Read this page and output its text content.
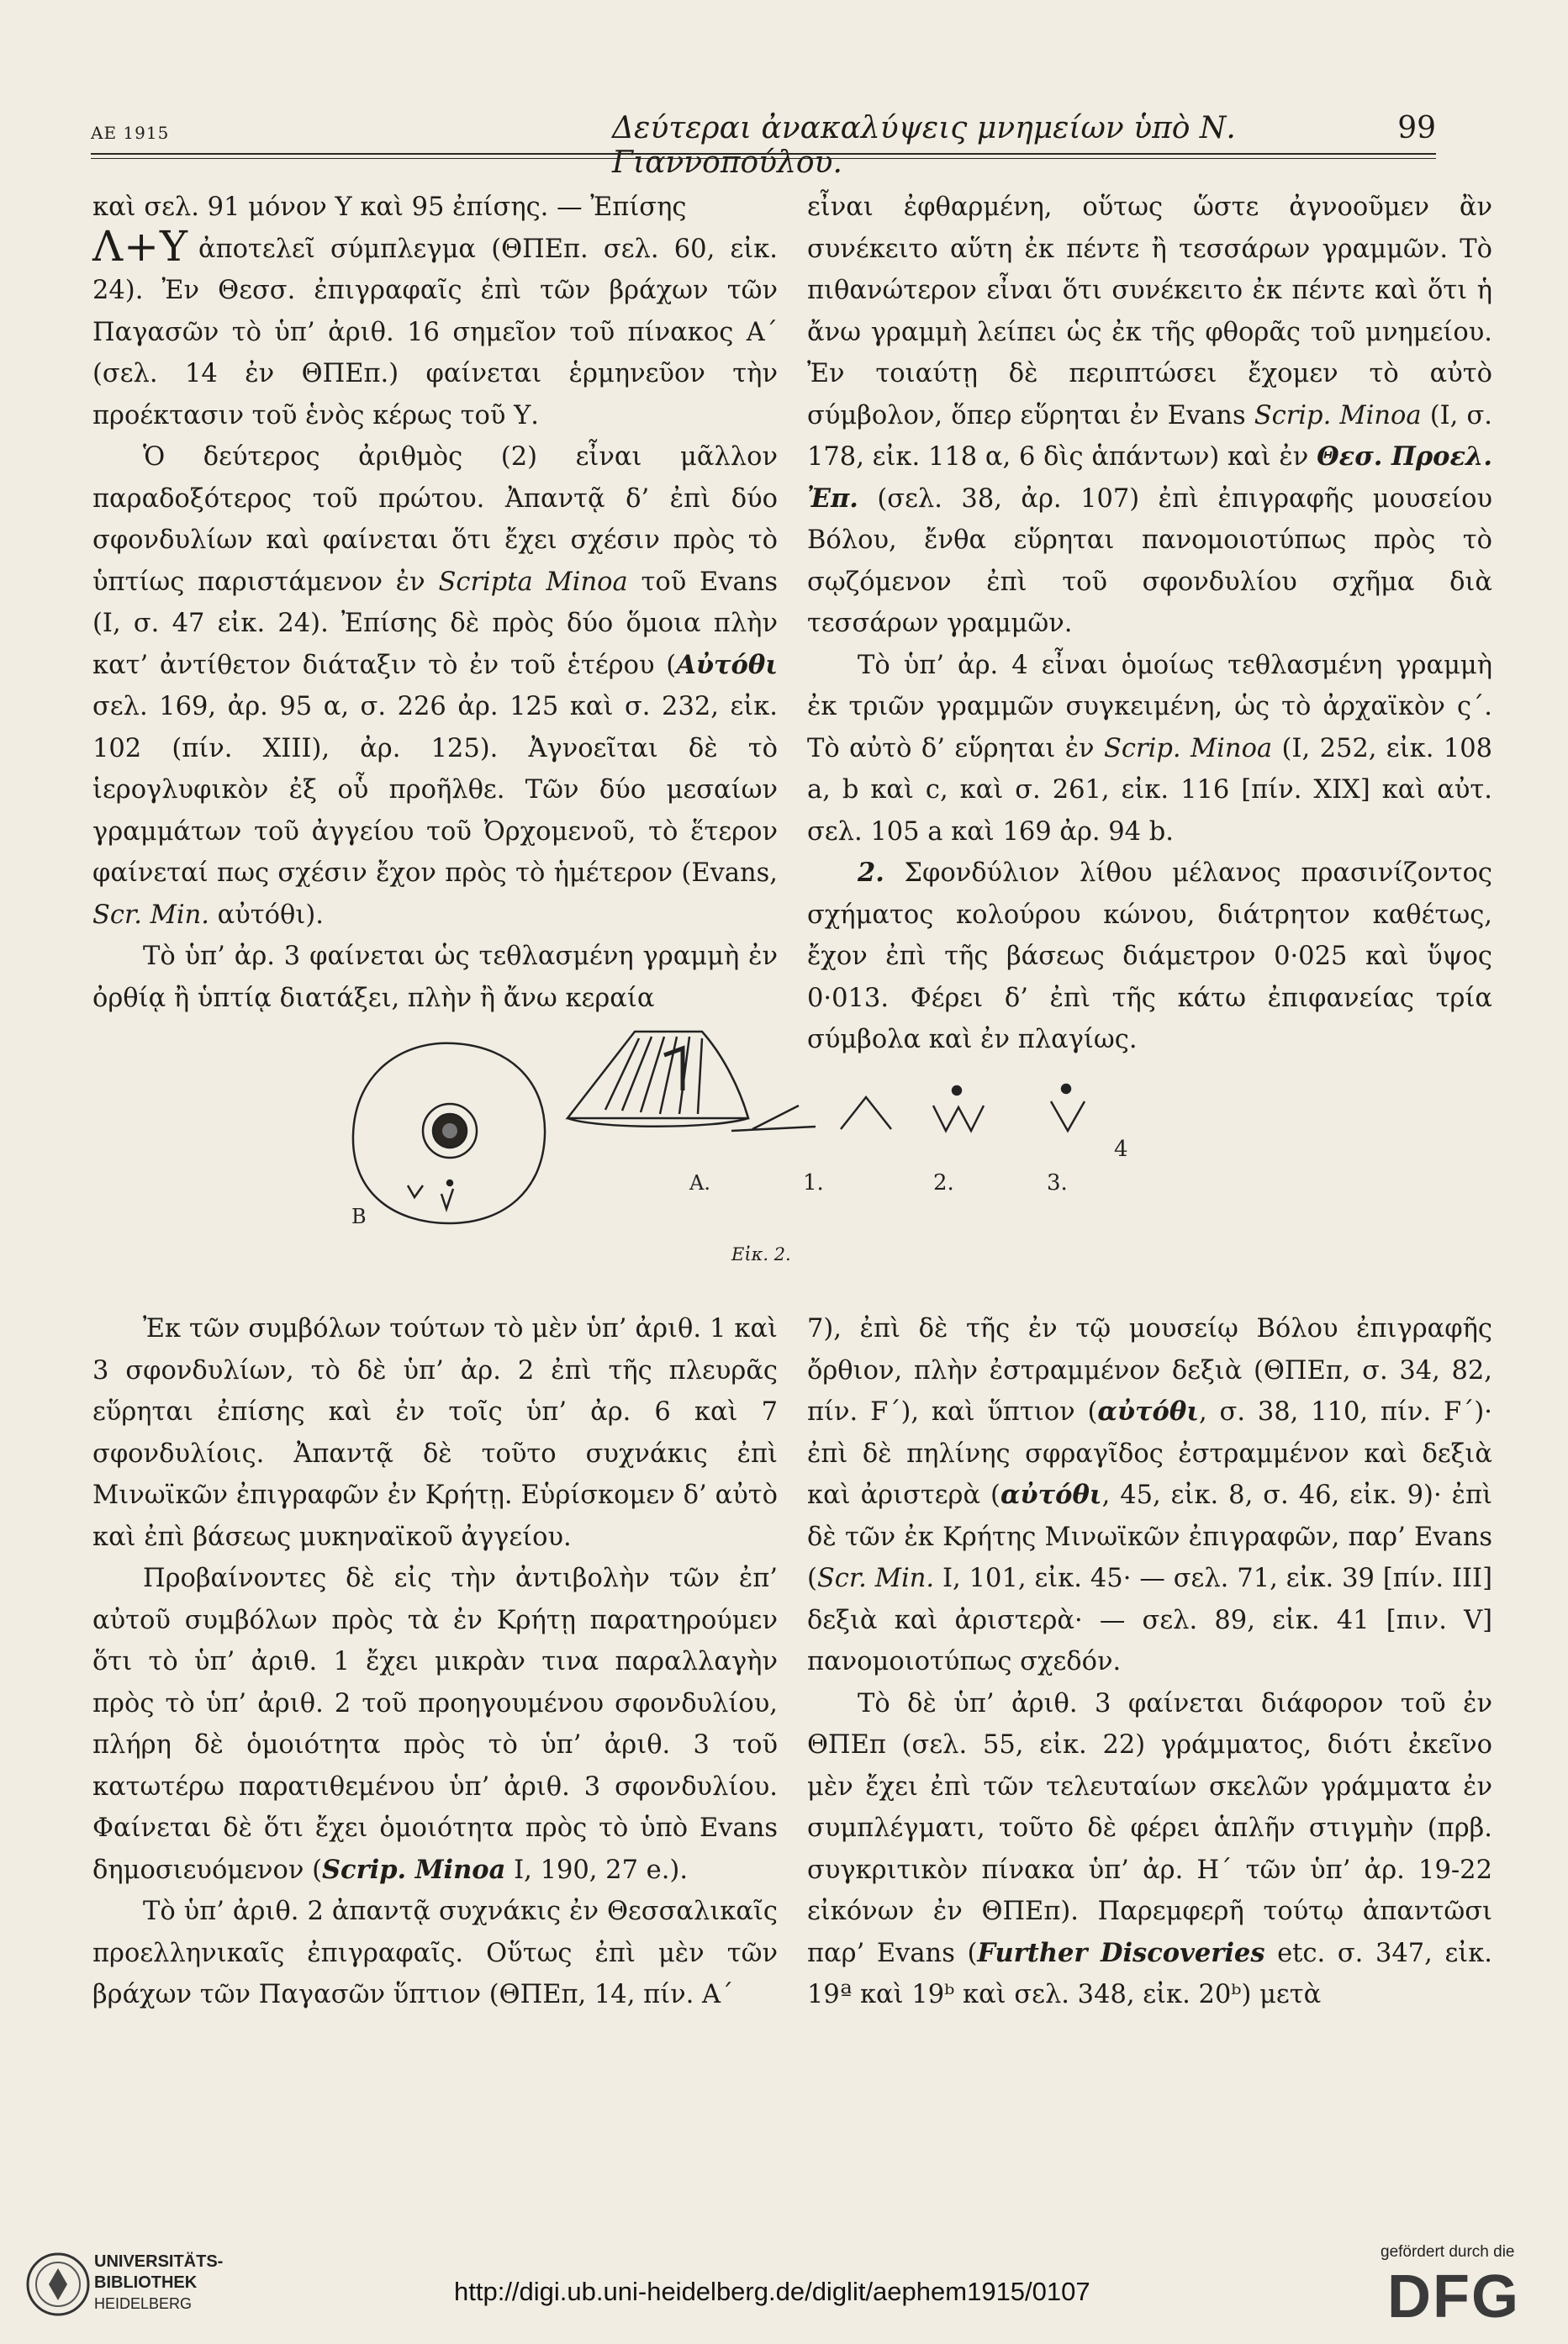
ΑΕ 1915	Δεύτεραι ἀνακαλύψεις μνημείων ὑπὸ Ν. Γιαννοπούλου.
99

καὶ σελ. 91 μόνον Υ καὶ 95 ἐπίσης. — Ἐπίσης
Λ+Υ ἀποτελεῖ σύμπλεγμα (ΘΠΕπ. σελ. 60, εἰκ. 24). Ἐν Θεσσ. ἐπιγραφαῖς ἐπὶ τῶν βράχων τῶν Παγασῶν τὸ ὑπ’ ἀριθ. 16 σημεῖον τοῦ πίνακος Α΄ (σελ. 14 ἐν ΘΠΕπ.) φαίνεται ἑρμηνεῦον τὴν προέκτασιν τοῦ ἑνὸς κέρως τοῦ Υ.

Ὁ δεύτερος ἀριθμὸς (2) εἶναι μᾶλλον παραδοξότερος τοῦ πρώτου. Ἀπαντᾷ δ’ ἐπὶ δύο σφονδυλίων καὶ φαίνεται ὅτι ἔχει σχέσιν πρὸς τὸ ὑπτίως παριστάμενον ἐν Scripta Minoa τοῦ Evans (Ι, σ. 47 εἰκ. 24). Ἐπίσης δὲ πρὸς δύο ὅμοια πλὴν κατ’ ἀντίθετον διάταξιν τὸ ἐν τοῦ ἑτέρου (Αὐτόθι σελ. 169, ἀρ. 95 α, σ. 226 ἀρ. 125 καὶ σ. 232, εἰκ. 102 (πίν. XIII), ἀρ. 125). Ἀγνοεῖται δὲ τὸ ἱερογλυφικὸν ἐξ οὗ προῆλθε. Τῶν δύο μεσαίων γραμμάτων τοῦ ἀγγείου τοῦ Ὀρχομενοῦ, τὸ ἕτερον φαίνεταί πως σχέσιν ἔχον πρὸς τὸ ἡμέτερον (Evans, Scr. Min. αὐτόθι).

Τὸ ὑπ’ ἀρ. 3 φαίνεται ὡς τεθλασμένη γραμμὴ ἐν ὀρθίᾳ ἢ ὑπτίᾳ διατάξει, πλὴν ἢ ἄνω κεραία

εἶναι ἐφθαρμένη, οὕτως ὥστε ἀγνοοῦμεν ἂν συνέκειτο αὕτη ἐκ πέντε ἢ τεσσάρων γραμμῶν. Τὸ πιθανώτερον εἶναι ὅτι συνέκειτο ἐκ πέντε καὶ ὅτι ἡ ἄνω γραμμὴ λείπει ὡς ἐκ τῆς φθορᾶς τοῦ μνημείου. Ἐν τοιαύτῃ δὲ περιπτώσει ἔχομεν τὸ αὐτὸ σύμβολον, ὅπερ εὕρηται ἐν Evans Scrip. Minoa (Ι, σ. 178, εἰκ. 118 α, 6 δὶς ἁπάντων) καὶ ἐν Θεσ. Προελ. Ἐπ. (σελ. 38, ἀρ. 107) ἐπὶ ἐπιγραφῆς μουσείου Βόλου, ἔνθα εὕρηται πανομοιοτύπως πρὸς τὸ σῳζόμενον ἐπὶ τοῦ σφονδυλίου σχῆμα διὰ τεσσάρων γραμμῶν.

Τὸ ὑπ’ ἀρ. 4 εἶναι ὁμοίως τεθλασμένη γραμμὴ ἐκ τριῶν γραμμῶν συγκειμένη, ὡς τὸ ἀρχαϊκὸν ς΄. Τὸ αὐτὸ δ’ εὕρηται ἐν Scrip. Minoa (Ι, 252, εἰκ. 108 a, b καὶ c, καὶ σ. 261, εἰκ. 116 [πίν. XIX] καὶ αὐτ. σελ. 105 a καὶ 169 ἀρ. 94 b.

2. Σφονδύλιον λίθου μέλανος πρασινίζοντος σχήματος κολούρου κώνου, διάτρητον καθέτως, ἔχον ἐπὶ τῆς βάσεως διάμετρον 0·025 καὶ ὕψος 0·013. Φέρει δ’ ἐπὶ τῆς κάτω ἐπιφανείας τρία σύμβολα καὶ ἐν πλαγίως.

B
A.	1.	2.	3.
4
Εἰκ. 2.

Ἐκ τῶν συμβόλων τούτων τὸ μὲν ὑπ’ ἀριθ. 1 καὶ 3 σφονδυλίων, τὸ δὲ ὑπ’ ἀρ. 2 ἐπὶ τῆς πλευρᾶς εὕρηται ἐπίσης καὶ ἐν τοῖς ὑπ’ ἀρ. 6 καὶ 7 σφονδυλίοις. Ἀπαντᾷ δὲ τοῦτο συχνάκις ἐπὶ Μινωϊκῶν ἐπιγραφῶν ἐν Κρήτῃ. Εὑρίσκομεν δ’ αὐτὸ καὶ ἐπὶ βάσεως μυκηναϊκοῦ ἀγγείου.

Προβαίνοντες δὲ εἰς τὴν ἀντιβολὴν τῶν ἐπ’ αὐτοῦ συμβόλων πρὸς τὰ ἐν Κρήτῃ παρατηρούμεν ὅτι τὸ ὑπ’ ἀριθ. 1 ἔχει μικρὰν τινα παραλλαγὴν πρὸς τὸ ὑπ’ ἀριθ. 2 τοῦ προηγουμένου σφονδυλίου, πλήρη δὲ ὁμοιότητα πρὸς τὸ ὑπ’ ἀριθ. 3 τοῦ κατωτέρω παρατιθεμένου ὑπ’ ἀριθ. 3 σφονδυλίου. Φαίνεται δὲ ὅτι ἔχει ὁμοιότητα πρὸς τὸ ὑπὸ Evans δημοσιευόμενον (Scrip. Minoa Ι, 190, 27 e.).

Τὸ ὑπ’ ἀριθ. 2 ἀπαντᾷ συχνάκις ἐν Θεσσαλικαῖς προελληνικαῖς ἐπιγραφαῖς. Οὕτως ἐπὶ μὲν τῶν βράχων τῶν Παγασῶν ὕπτιον (ΘΠΕπ, 14, πίν. Α΄

7), ἐπὶ δὲ τῆς ἐν τῷ μουσείῳ Βόλου ἐπιγραφῆς ὄρθιον, πλὴν ἐστραμμένον δεξιὰ (ΘΠΕπ, σ. 34, 82, πίν. F΄), καὶ ὕπτιον (αὐτόθι, σ. 38, 110, πίν. F΄)· ἐπὶ δὲ πηλίνης σφραγῖδος ἐστραμμένον καὶ δεξιὰ καὶ ἀριστερὰ (αὐτόθι, 45, εἰκ. 8, σ. 46, εἰκ. 9)· ἐπὶ δὲ τῶν ἐκ Κρήτης Μινωϊκῶν ἐπιγραφῶν, παρ’ Evans (Scr. Min. Ι, 101, εἰκ. 45· — σελ. 71, εἰκ. 39 [πίν. III] δεξιὰ καὶ ἀριστερὰ· — σελ. 89, εἰκ. 41 [πιν. V] πανομοιοτύπως σχεδόν.

Τὸ δὲ ὑπ’ ἀριθ. 3 φαίνεται διάφορον τοῦ ἐν ΘΠΕπ (σελ. 55, εἰκ. 22) γράμματος, διότι ἐκεῖνο μὲν ἔχει ἐπὶ τῶν τελευταίων σκελῶν γράμματα ἐν συμπλέγματι, τοῦτο δὲ φέρει ἁπλῆν στιγμὴν (πρβ. συγκριτικὸν πίνακα ὑπ’ ἀρ. Η΄ τῶν ὑπ’ ἀρ. 19-22 εἰκόνων ἐν ΘΠΕπ). Παρεμφερῆ τούτῳ ἀπαντῶσι παρ’ Evans (Further Discoveries etc. σ. 347, εἰκ. 19ª καὶ 19ᵇ καὶ σελ. 348, εἰκ. 20ᵇ) μετὰ

UNIVERSITÄTS-
BIBLIOTHEK
HEIDELBERG	http://digi.ub.uni-heidelberg.de/diglit/aephem1915/0107
gefördert durch die
DFG
